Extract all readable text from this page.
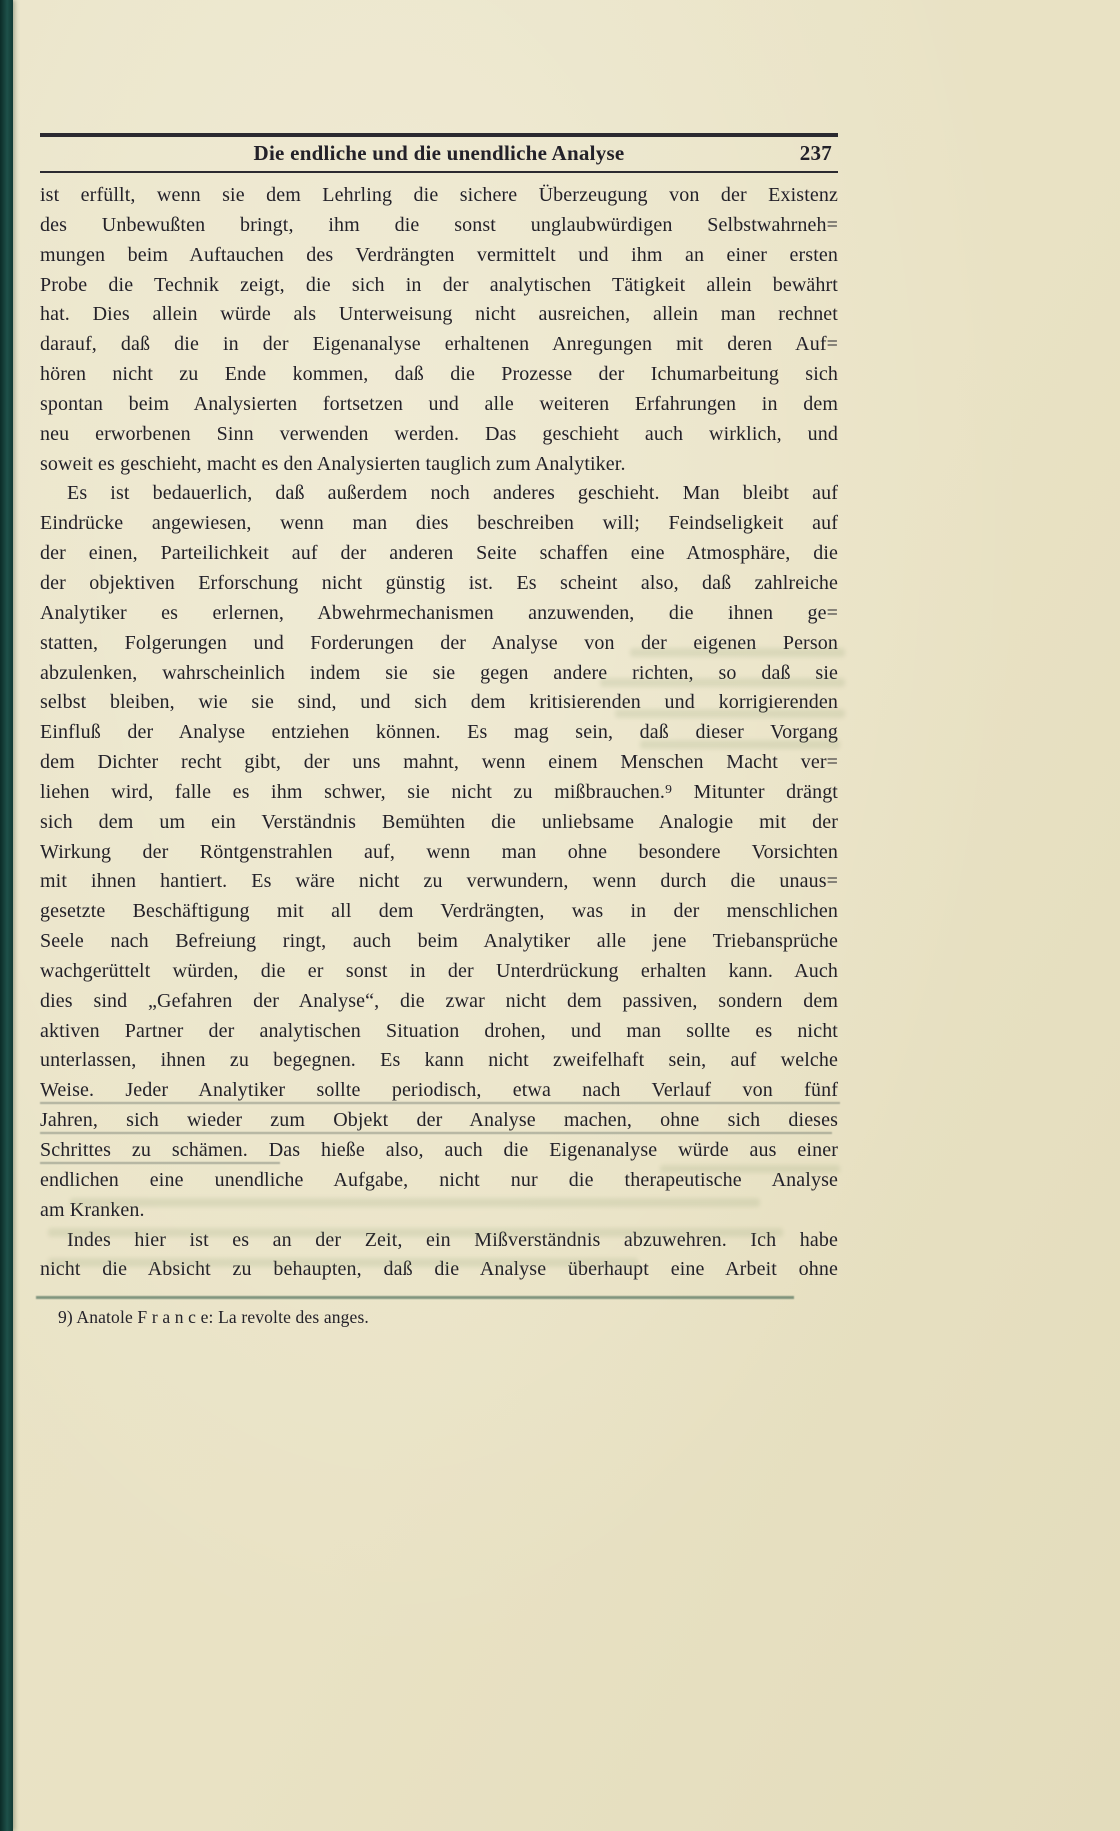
Die endliche und die unendliche Analyse	237
ist erfüllt, wenn sie dem Lehrling die sichere Überzeugung von der Existenz
des Unbewußten bringt, ihm die sonst unglaubwürdigen Selbstwahrneh=
mungen beim Auftauchen des Verdrängten vermittelt und ihm an einer ersten
Probe die Technik zeigt, die sich in der analytischen Tätigkeit allein bewährt
hat. Dies allein würde als Unterweisung nicht ausreichen, allein man rechnet
darauf, daß die in der Eigenanalyse erhaltenen Anregungen mit deren Auf=
hören nicht zu Ende kommen, daß die Prozesse der Ichumarbeitung sich
spontan beim Analysierten fortsetzen und alle weiteren Erfahrungen in dem
neu erworbenen Sinn verwenden werden. Das geschieht auch wirklich, und
soweit es geschieht, macht es den Analysierten tauglich zum Analytiker.
Es ist bedauerlich, daß außerdem noch anderes geschieht. Man bleibt auf
Eindrücke angewiesen, wenn man dies beschreiben will; Feindseligkeit auf
der einen, Parteilichkeit auf der anderen Seite schaffen eine Atmosphäre, die
der objektiven Erforschung nicht günstig ist. Es scheint also, daß zahlreiche
Analytiker es erlernen, Abwehrmechanismen anzuwenden, die ihnen ge=
statten, Folgerungen und Forderungen der Analyse von der eigenen Person
abzulenken, wahrscheinlich indem sie sie gegen andere richten, so daß sie
selbst bleiben, wie sie sind, und sich dem kritisierenden und korrigierenden
Einfluß der Analyse entziehen können. Es mag sein, daß dieser Vorgang
dem Dichter recht gibt, der uns mahnt, wenn einem Menschen Macht ver=
liehen wird, falle es ihm schwer, sie nicht zu mißbrauchen.⁹ Mitunter drängt
sich dem um ein Verständnis Bemühten die unliebsame Analogie mit der
Wirkung der Röntgenstrahlen auf, wenn man ohne besondere Vorsichten
mit ihnen hantiert. Es wäre nicht zu verwundern, wenn durch die unaus=
gesetzte Beschäftigung mit all dem Verdrängten, was in der menschlichen
Seele nach Befreiung ringt, auch beim Analytiker alle jene Triebansprüche
wachgerüttelt würden, die er sonst in der Unterdrückung erhalten kann. Auch
dies sind „Gefahren der Analyse“, die zwar nicht dem passiven, sondern dem
aktiven Partner der analytischen Situation drohen, und man sollte es nicht
unterlassen, ihnen zu begegnen. Es kann nicht zweifelhaft sein, auf welche
Weise. Jeder Analytiker sollte periodisch, etwa nach Verlauf von fünf
Jahren, sich wieder zum Objekt der Analyse machen, ohne sich dieses
Schrittes zu schämen. Das hieße also, auch die Eigenanalyse würde aus einer
endlichen eine unendliche Aufgabe, nicht nur die therapeutische Analyse
am Kranken.
Indes hier ist es an der Zeit, ein Mißverständnis abzuwehren. Ich habe
nicht die Absicht zu behaupten, daß die Analyse überhaupt eine Arbeit ohne
9) Anatole F r a n c e: La revolte des anges.
